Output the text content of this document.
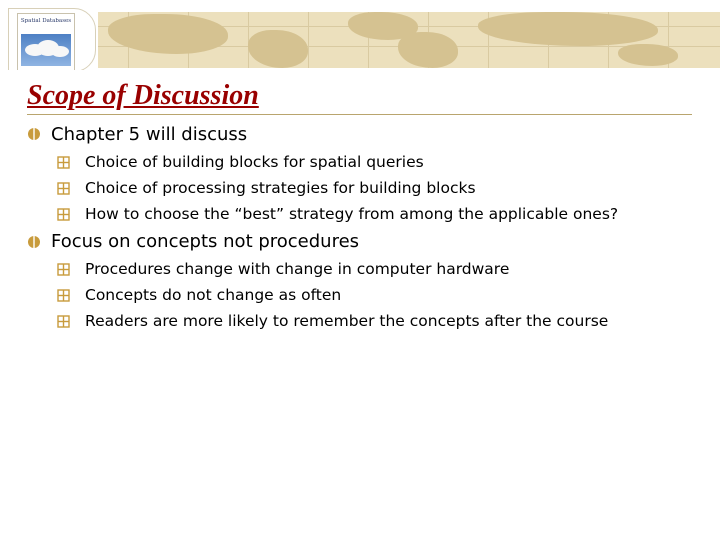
Spatial Databases
Scope of Discussion
Chapter 5 will discuss
Choice of building blocks for spatial queries
Choice of processing strategies for building blocks
How to choose the “best” strategy from among the applicable ones?
Focus on concepts not procedures
Procedures change with change in computer hardware
Concepts do not change as often
Readers are more likely to remember the concepts after the course
